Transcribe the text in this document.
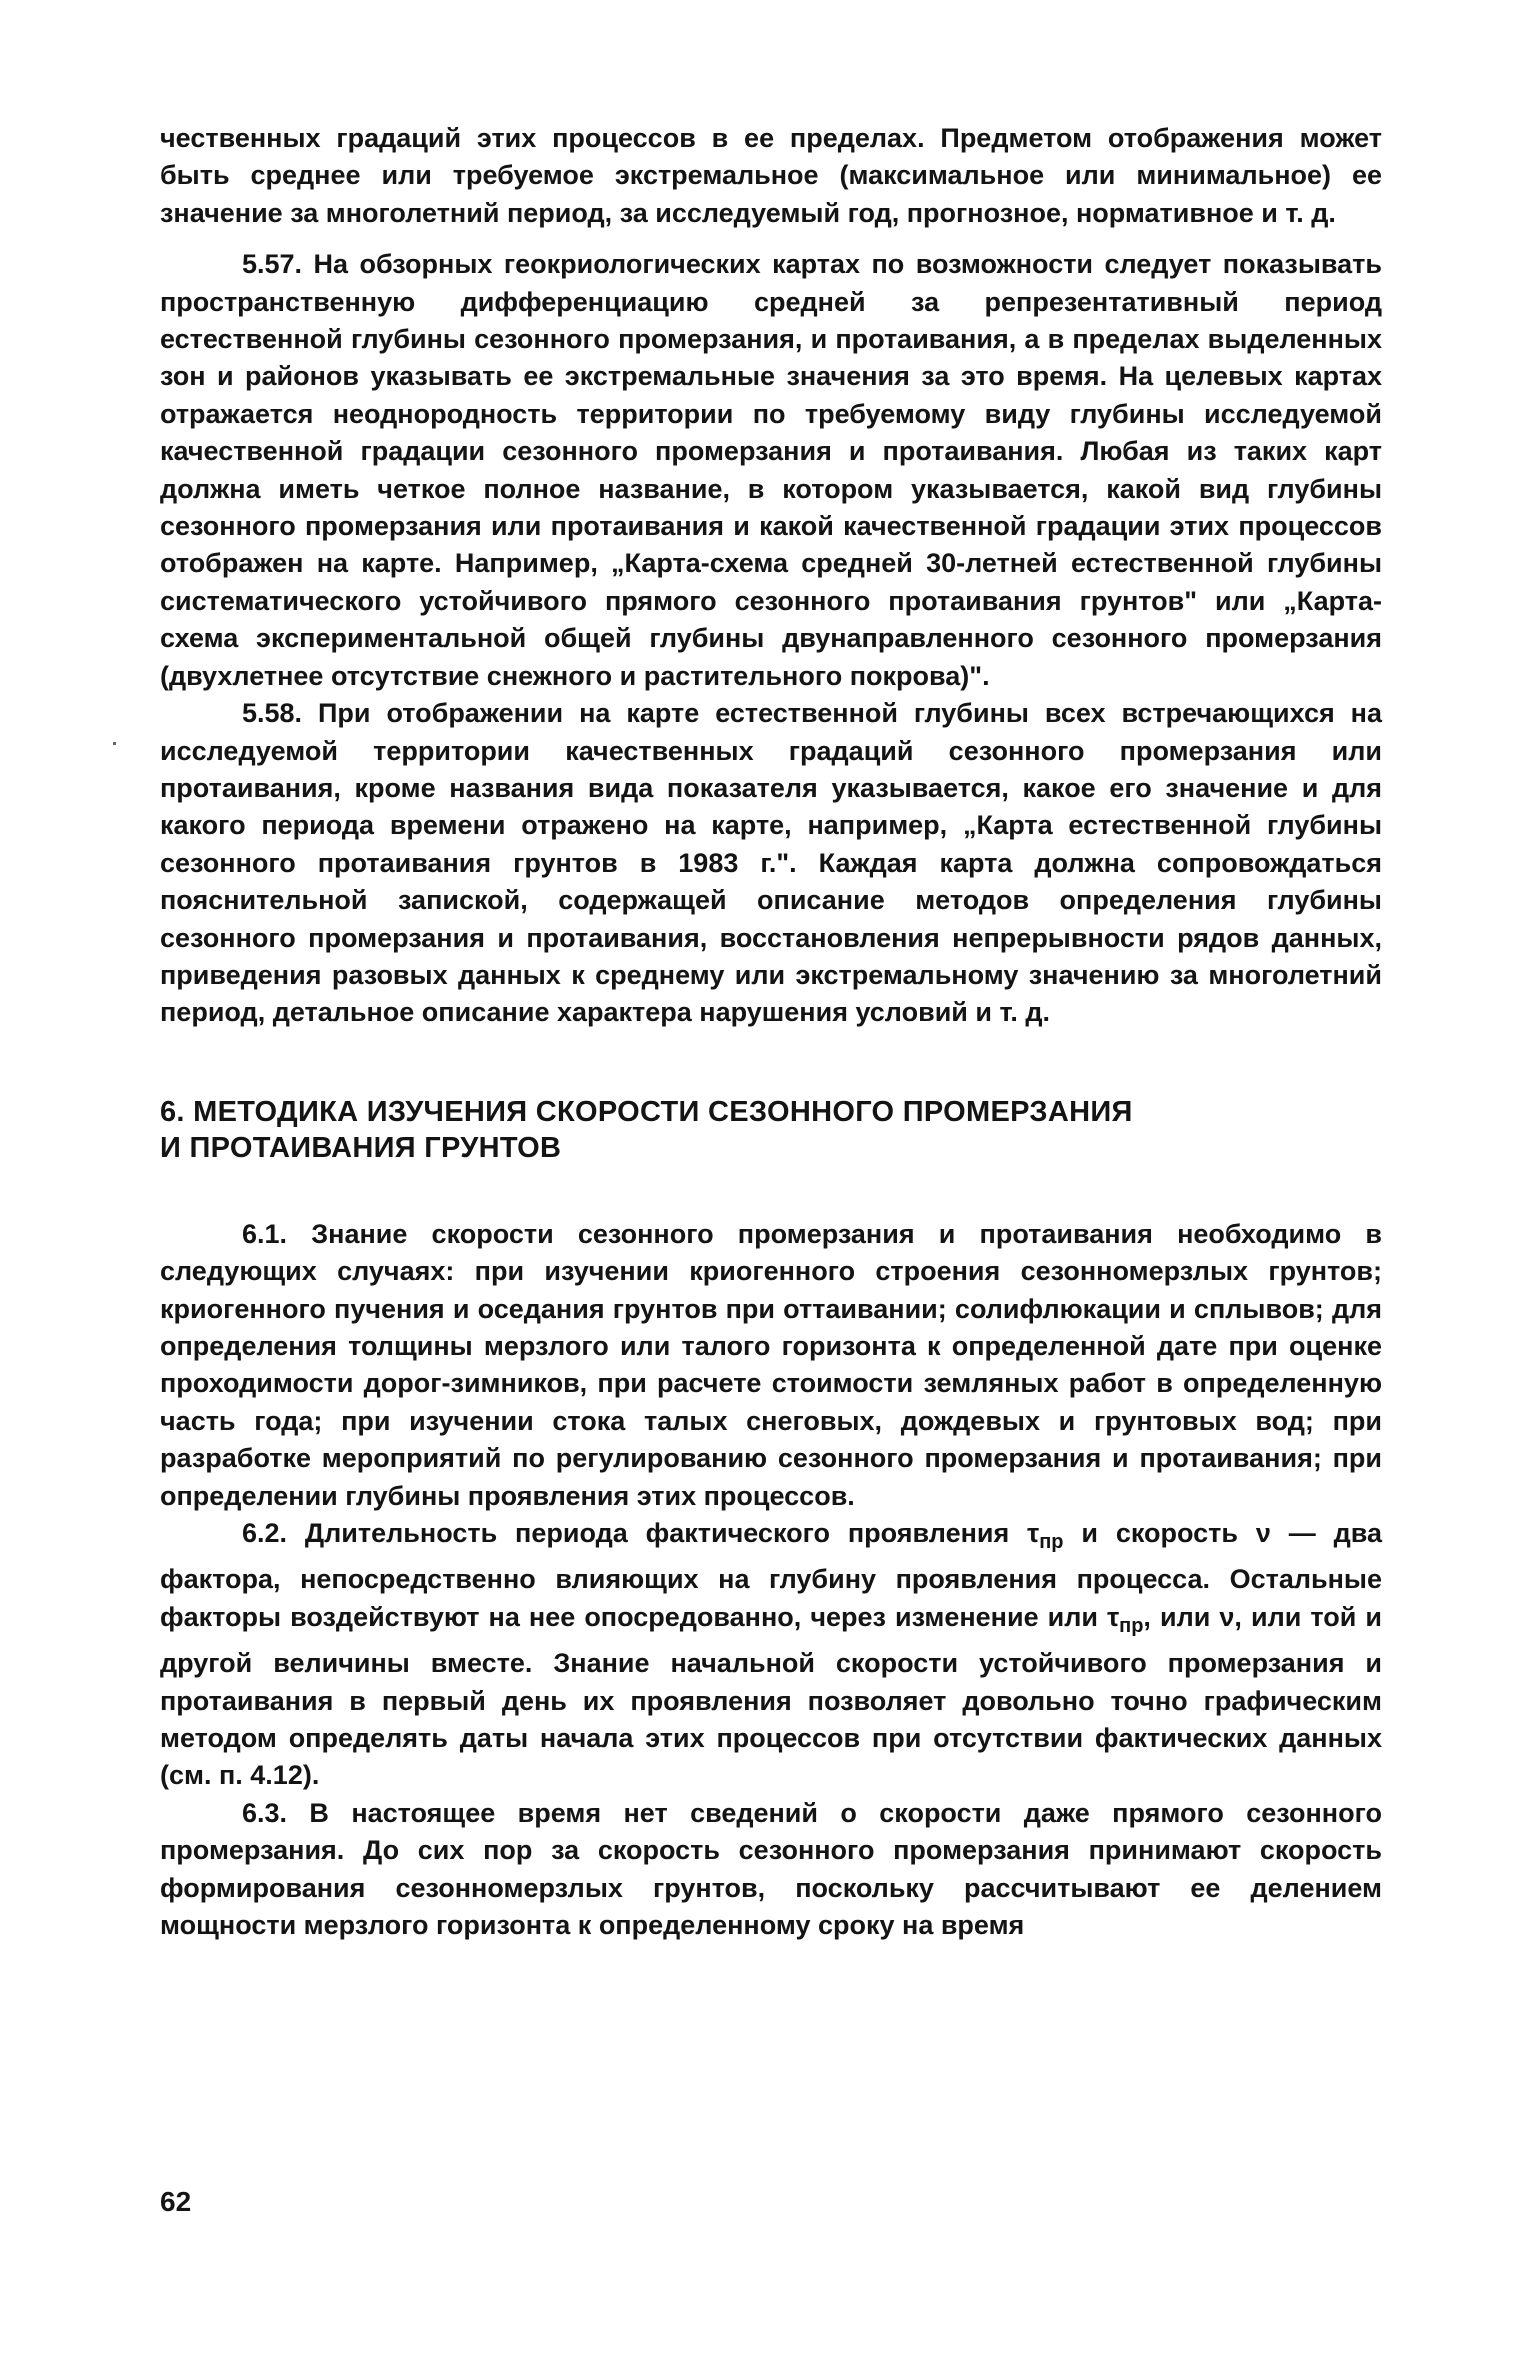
чественных градаций этих процессов в ее пределах. Предметом отображения может быть среднее или требуемое экстремальное (максимальное или минимальное) ее значение за многолетний период, за исследуемый год, прогнозное, нормативное и т. д.

5.57. На обзорных геокриологических картах по возможности следует показывать пространственную дифференциацию средней за репрезентативный период естественной глубины сезонного промерзания, и протаивания, а в пределах выделенных зон и районов указывать ее экстремальные значения за это время. На целевых картах отражается неоднородность территории по требуемому виду глубины исследуемой качественной градации сезонного промерзания и протаивания. Любая из таких карт должна иметь четкое полное название, в котором указывается, какой вид глубины сезонного промерзания или протаивания и какой качественной градации этих процессов отображен на карте. Например, „Карта-схема средней 30-летней естественной глубины систематического устойчивого прямого сезонного протаивания грунтов" или „Карта-схема экспериментальной общей глубины двунаправленного сезонного промерзания (двухлетнее отсутствие снежного и растительного покрова)".

5.58. При отображении на карте естественной глубины всех встречающихся на исследуемой территории качественных градаций сезонного промерзания или протаивания, кроме названия вида показателя указывается, какое его значение и для какого периода времени отражено на карте, например, „Карта естественной глубины сезонного протаивания грунтов в 1983 г.". Каждая карта должна сопровождаться пояснительной запиской, содержащей описание методов определения глубины сезонного промерзания и протаивания, восстановления непрерывности рядов данных, приведения разовых данных к среднему или экстремальному значению за многолетний период, детальное описание характера нарушения условий и т. д.

6. МЕТОДИКА ИЗУЧЕНИЯ СКОРОСТИ СЕЗОННОГО ПРОМЕРЗАНИЯ
И ПРОТАИВАНИЯ ГРУНТОВ

6.1. Знание скорости сезонного промерзания и протаивания необходимо в следующих случаях: при изучении криогенного строения сезонномерзлых грунтов; криогенного пучения и оседания грунтов при оттаивании; солифлюкации и сплывов; для определения толщины мерзлого или талого горизонта к определенной дате при оценке проходимости дорог-зимников, при расчете стоимости земляных работ в определенную часть года; при изучении стока талых снеговых, дождевых и грунтовых вод; при разработке мероприятий по регулированию сезонного промерзания и протаивания; при определении глубины проявления этих процессов.

6.2. Длительность периода фактического проявления $\tau_{пр}$ и скорость ν — два фактора, непосредственно влияющих на глубину проявления процесса. Остальные факторы воздействуют на нее опосредованно, через изменение или $\tau_{пр}$, или ν, или той и другой величины вместе. Знание начальной скорости устойчивого промерзания и протаивания в первый день их проявления позволяет довольно точно графическим методом определять даты начала этих процессов при отсутствии фактических данных (см. п. 4.12).

6.3. В настоящее время нет сведений о скорости даже прямого сезонного промерзания. До сих пор за скорость сезонного промерзания принимают скорость формирования сезонномерзлых грунтов, поскольку рассчитывают ее делением мощности мерзлого горизонта к определенному сроку на время

62
